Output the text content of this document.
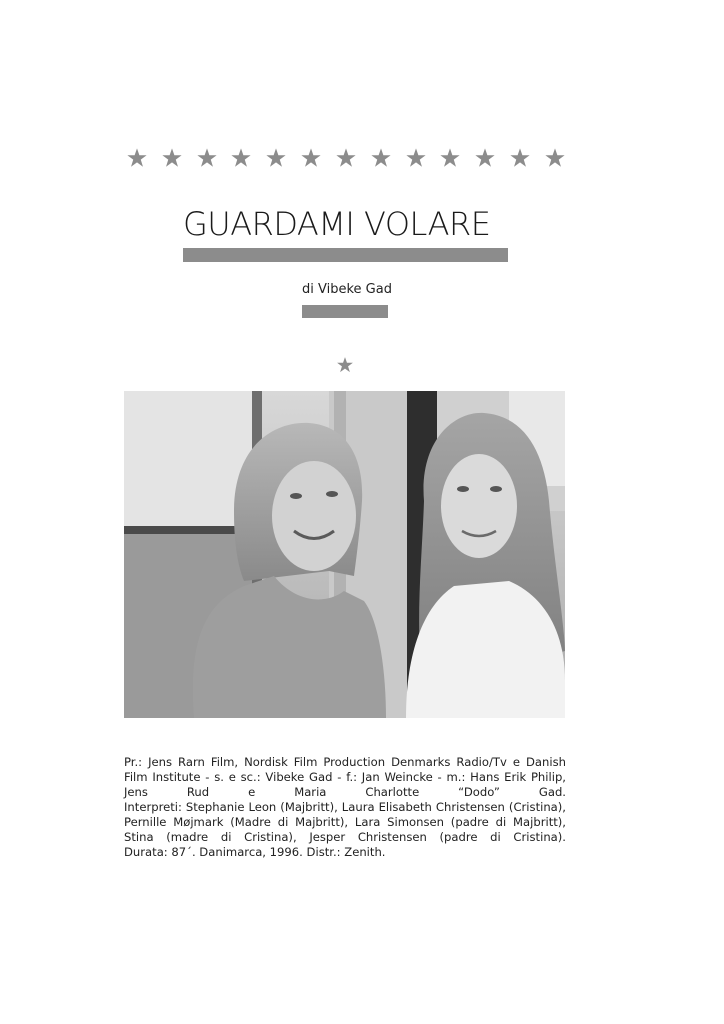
GUARDAMI VOLARE
di Vibeke Gad

Pr.: Jens Rarn Film, Nordisk Film Production Denmarks Radio/Tv e Danish Film Institute - s. e sc.: Vibeke Gad - f.: Jan Weincke - m.: Hans Erik Philip, Jens Rud e Maria Charlotte “Dodo” Gad.

Interpreti: Stephanie Leon (Majbritt), Laura Elisabeth Christensen (Cristina), Pernille Møjmark (Madre di Majbritt), Lara Simonsen (padre di Majbritt), Stina (madre di Cristina), Jesper Christensen (padre di Cristina).

Durata: 87´. Danimarca, 1996. Distr.: Zenith.
